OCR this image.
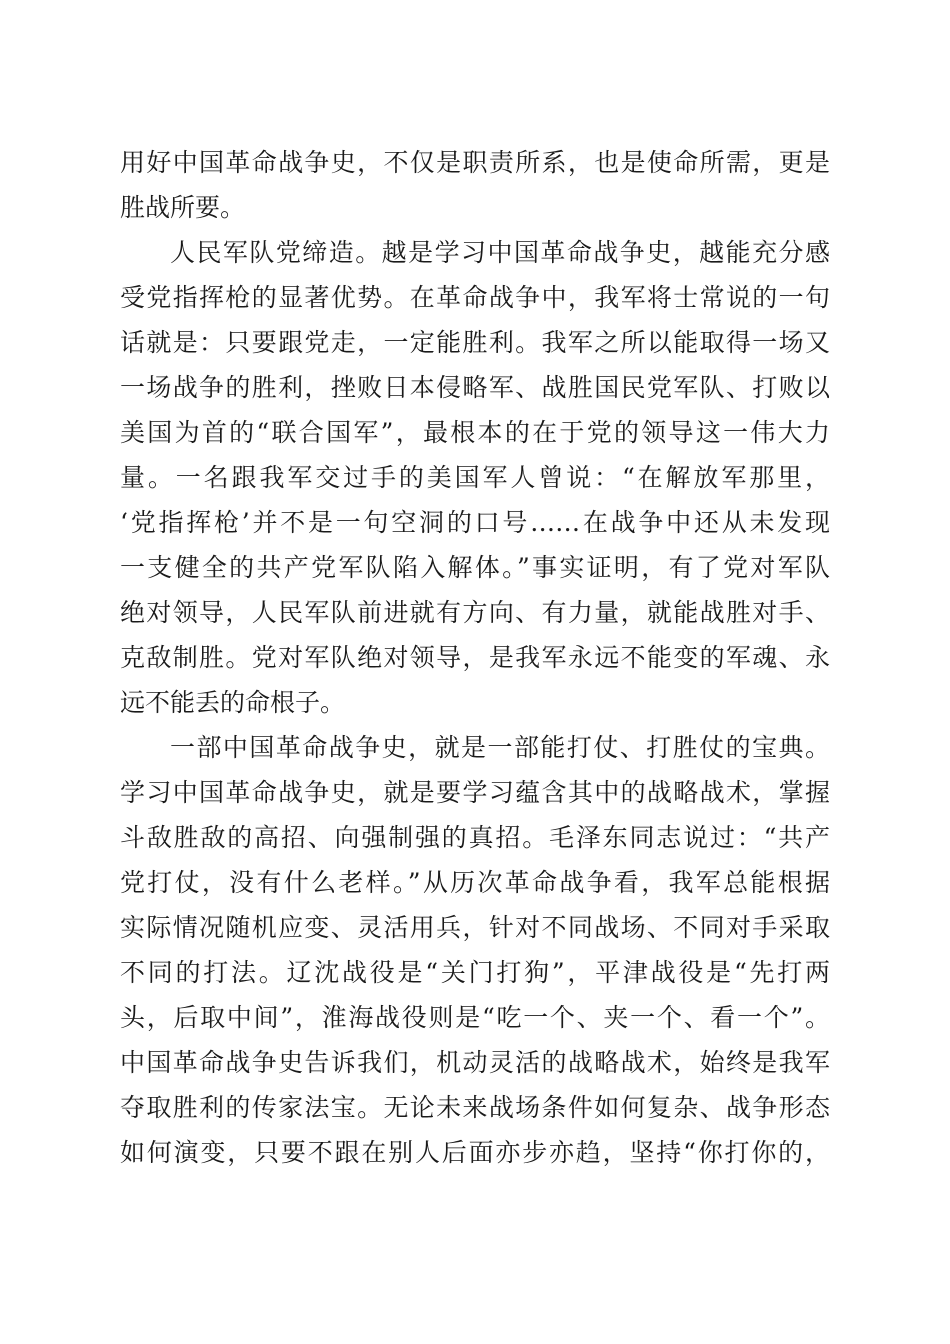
用好中国革命战争史，不仅是职责所系，也是使命所需，更是
胜战所要。
人民军队党缔造。越是学习中国革命战争史，越能充分感
受党指挥枪的显著优势。在革命战争中，我军将士常说的一句
话就是：只要跟党走，一定能胜利。我军之所以能取得一场又
一场战争的胜利，挫败日本侵略军、战胜国民党军队、打败以
美国为首的“联合国军”，最根本的在于党的领导这一伟大力
量。一名跟我军交过手的美国军人曾说：“在解放军那里，
‘党指挥枪’并不是一句空洞的口号……在战争中还从未发现
一支健全的共产党军队陷入解体。”事实证明，有了党对军队
绝对领导，人民军队前进就有方向、有力量，就能战胜对手、
克敌制胜。党对军队绝对领导，是我军永远不能变的军魂、永
远不能丢的命根子。
一部中国革命战争史，就是一部能打仗、打胜仗的宝典。
学习中国革命战争史，就是要学习蕴含其中的战略战术，掌握
斗敌胜敌的高招、向强制强的真招。毛泽东同志说过：“共产
党打仗，没有什么老样。”从历次革命战争看，我军总能根据
实际情况随机应变、灵活用兵，针对不同战场、不同对手采取
不同的打法。辽沈战役是“关门打狗”，平津战役是“先打两
头，后取中间”，淮海战役则是“吃一个、夹一个、看一个”。
中国革命战争史告诉我们，机动灵活的战略战术，始终是我军
夺取胜利的传家法宝。无论未来战场条件如何复杂、战争形态
如何演变，只要不跟在别人后面亦步亦趋，坚持“你打你的，
